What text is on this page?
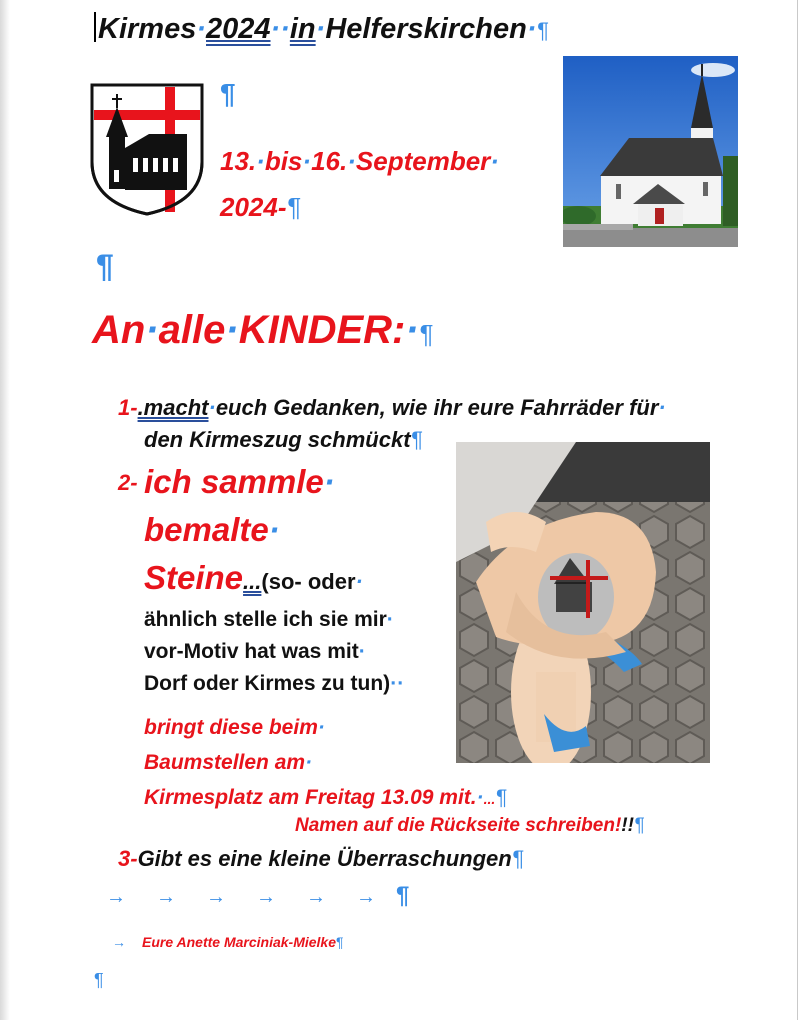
Kirmes·2024··in·Helferskirchen·¶
¶
13.·bis·16.·September·
2024-¶
¶
An·alle·KINDER:·¶
1-.macht·euch Gedanken, wie ihr eure Fahrräder für·
den Kirmeszug schmückt¶
2- ich sammle·
bemalte·
Steine...(so- oder·
ähnlich stelle ich sie mir·
vor-Motiv hat was mit·
Dorf oder Kirmes zu tun)··
bringt diese beim·
Baumstellen am·
Kirmesplatz am Freitag 13.09 mit.·...¶
Namen auf die Rückseite schreiben!!!¶
3-Gibt es eine kleine Überraschungen¶
→ → → → → → ¶
→ Eure Anette Marciniak-Mielke¶
¶
